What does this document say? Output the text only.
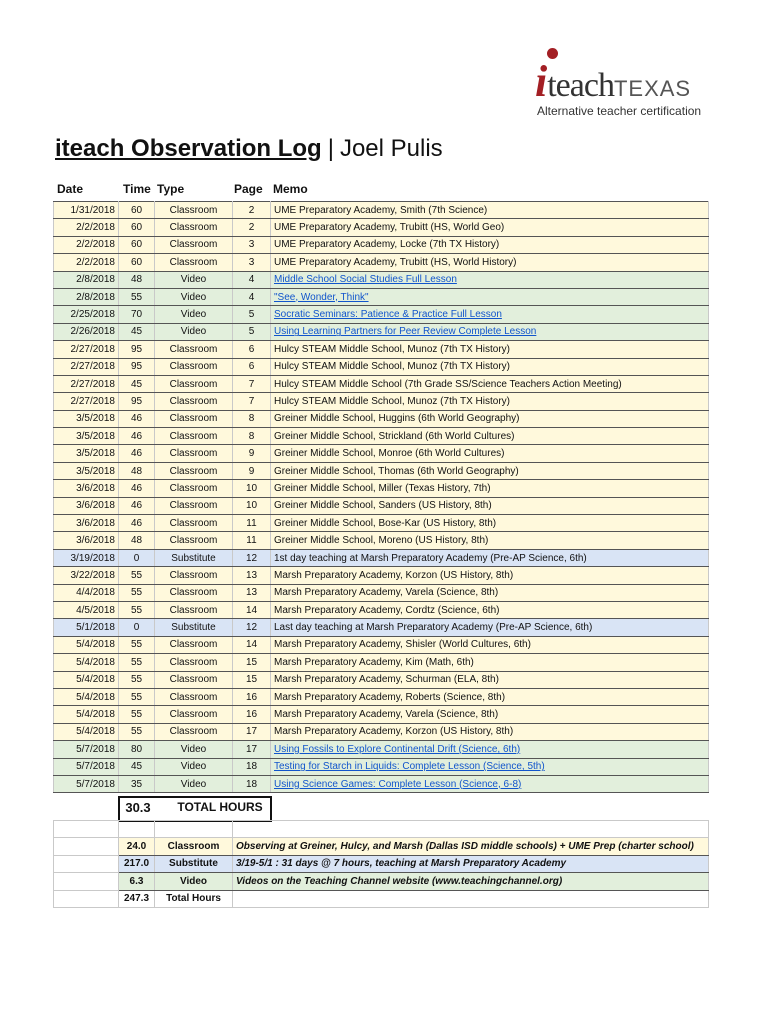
iteachTEXAS
Alternative teacher certification
iteach Observation Log | Joel Pulis
Date	Time Type	Page Memo
1/31/2018	60	Classroom	2	UME Preparatory Academy, Smith (7th Science)
2/2/2018	60	Classroom	2	UME Preparatory Academy, Trubitt (HS, World Geo)
2/2/2018	60	Classroom	3	UME Preparatory Academy, Locke (7th TX History)
2/2/2018	60	Classroom	3	UME Preparatory Academy, Trubitt (HS, World History)
2/8/2018	48	Video	4	Middle School Social Studies Full Lesson
2/8/2018	55	Video	4	"See, Wonder, Think"
2/25/2018	70	Video	5	Socratic Seminars: Patience & Practice Full Lesson
2/26/2018	45	Video	5	Using Learning Partners for Peer Review Complete Lesson
2/27/2018	95	Classroom	6	Hulcy STEAM Middle School, Munoz (7th TX History)
2/27/2018	95	Classroom	6	Hulcy STEAM Middle School, Munoz (7th TX History)
2/27/2018	45	Classroom	7	Hulcy STEAM Middle School (7th Grade SS/Science Teachers Action Meeting)
2/27/2018	95	Classroom	7	Hulcy STEAM Middle School, Munoz (7th TX History)
3/5/2018	46	Classroom	8	Greiner Middle School, Huggins (6th World Geography)
3/5/2018	46	Classroom	8	Greiner Middle School, Strickland (6th World Cultures)
3/5/2018	46	Classroom	9	Greiner Middle School, Monroe (6th World Cultures)
3/5/2018	48	Classroom	9	Greiner Middle School, Thomas (6th World Geography)
3/6/2018	46	Classroom	10	Greiner Middle School, Miller (Texas History, 7th)
3/6/2018	46	Classroom	10	Greiner Middle School, Sanders (US History, 8th)
3/6/2018	46	Classroom	11	Greiner Middle School, Bose-Kar (US History, 8th)
3/6/2018	48	Classroom	11	Greiner Middle School, Moreno (US History, 8th)
3/19/2018	0	Substitute	12	1st day teaching at Marsh Preparatory Academy (Pre-AP Science, 6th)
3/22/2018	55	Classroom	13	Marsh Preparatory Academy, Korzon (US History, 8th)
4/4/2018	55	Classroom	13	Marsh Preparatory Academy, Varela (Science, 8th)
4/5/2018	55	Classroom	14	Marsh Preparatory Academy, Cordtz (Science, 6th)
5/1/2018	0	Substitute	12	Last day teaching at Marsh Preparatory Academy (Pre-AP Science, 6th)
5/4/2018	55	Classroom	14	Marsh Preparatory Academy, Shisler (World Cultures, 6th)
5/4/2018	55	Classroom	15	Marsh Preparatory Academy, Kim (Math, 6th)
5/4/2018	55	Classroom	15	Marsh Preparatory Academy, Schurman (ELA, 8th)
5/4/2018	55	Classroom	16	Marsh Preparatory Academy, Roberts (Science, 8th)
5/4/2018	55	Classroom	16	Marsh Preparatory Academy, Varela (Science, 8th)
5/4/2018	55	Classroom	17	Marsh Preparatory Academy, Korzon (US History, 8th)
5/7/2018	80	Video	17	Using Fossils to Explore Continental Drift (Science, 6th)
5/7/2018	45	Video	18	Testing for Starch in Liquids: Complete Lesson (Science, 5th)
5/7/2018	35	Video	18	Using Science Games: Complete Lesson (Science, 6-8)
30.3	TOTAL HOURS

	24.0	Classroom	Observing at Greiner, Hulcy, and Marsh (Dallas ISD middle schools) + UME Prep (charter school)
	217.0	Substitute	3/19-5/1 : 31 days @ 7 hours, teaching at Marsh Preparatory Academy
	6.3	Video	Videos on the Teaching Channel website (www.teachingchannel.org)
	247.3	Total Hours	
